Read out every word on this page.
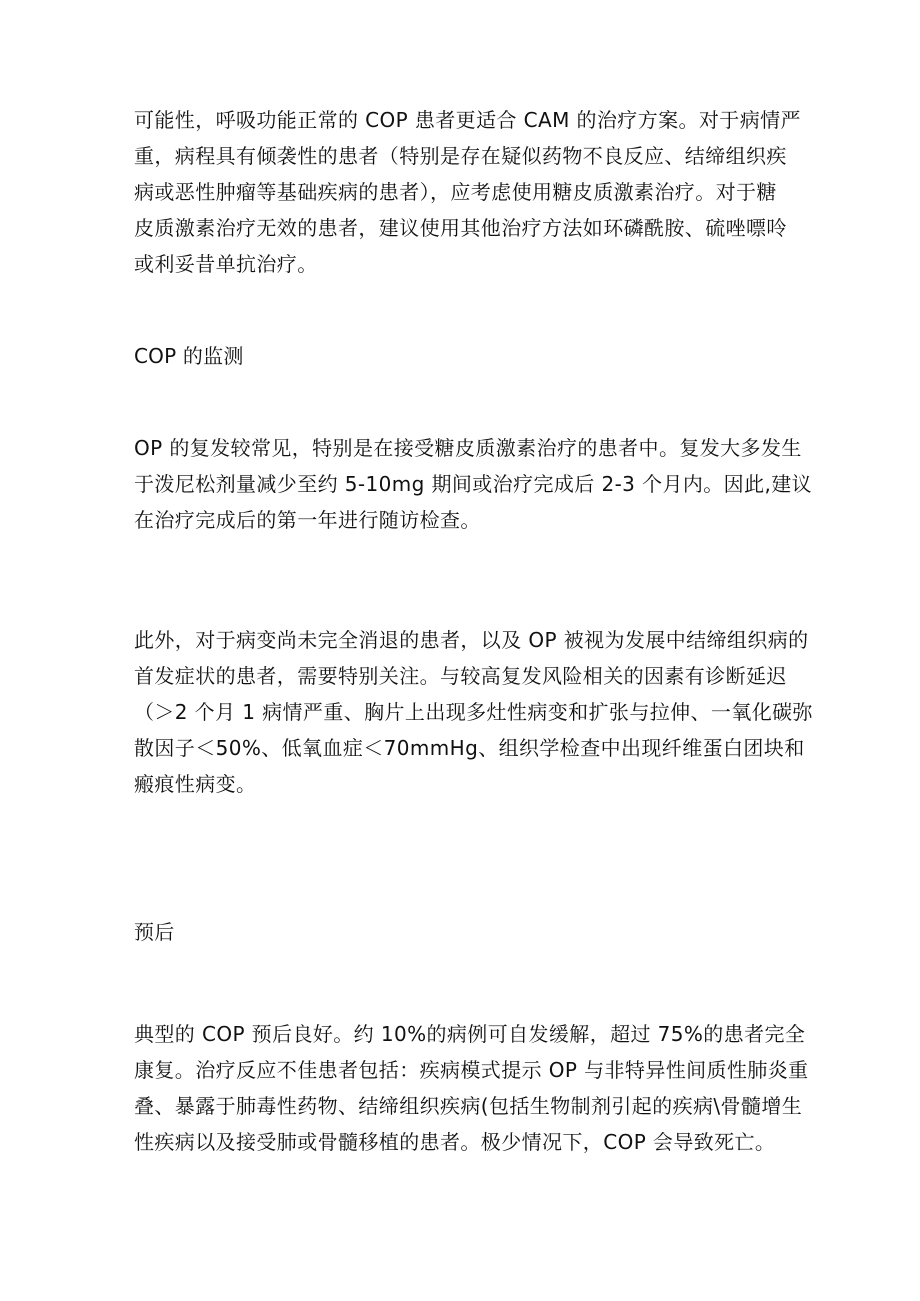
可能性，呼吸功能正常的 COP 患者更适合 CAM 的治疗方案。对于病情严
重，病程具有倾袭性的患者（特别是存在疑似药物不良反应、结缔组织疾
病或恶性肿瘤等基础疾病的患者），应考虑使用糖皮质激素治疗。对于糖
皮质激素治疗无效的患者，建议使用其他治疗方法如环磷酰胺、硫唑嘌呤
或利妥昔单抗治疗。
COP 的监测
OP 的复发较常见，特别是在接受糖皮质激素治疗的患者中。复发大多发生
于泼尼松剂量减少至约 5-10mg 期间或治疗完成后 2-3 个月内。因此,建议
在治疗完成后的第一年进行随访检查。
此外，对于病变尚未完全消退的患者，以及 OP 被视为发展中结缔组织病的
首发症状的患者，需要特别关注。与较高复发风险相关的因素有诊断延迟
（＞2 个月 1 病情严重、胸片上出现多灶性病变和扩张与拉伸、一氧化碳弥
散因子＜50%、低氧血症＜70mmHg、组织学检查中出现纤维蛋白团块和
瘢痕性病变。
预后
典型的 COP 预后良好。约 10%的病例可自发缓解，超过 75%的患者完全
康复。治疗反应不佳患者包括：疾病模式提示 OP 与非特异性间质性肺炎重
叠、暴露于肺毒性药物、结缔组织疾病(包括生物制剂引起的疾病\骨髓增生
性疾病以及接受肺或骨髓移植的患者。极少情况下，COP 会导致死亡。
